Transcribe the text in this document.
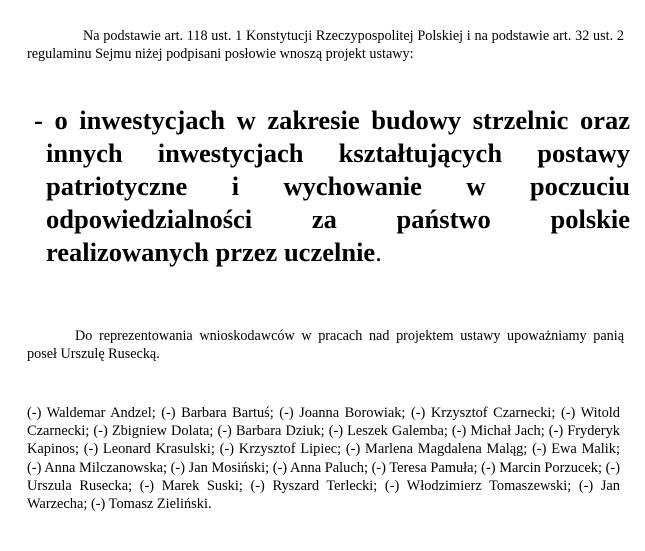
Na podstawie art. 118 ust. 1 Konstytucji Rzeczypospolitej Polskiej i na podstawie art. 32 ust. 2 regulaminu Sejmu niżej podpisani posłowie wnoszą projekt ustawy:

- o inwestycjach w zakresie budowy strzelnic oraz innych inwestycjach kształtujących postawy patriotyczne i wychowanie w poczuciu odpowiedzialności za państwo polskie realizowanych przez uczelnie.

Do reprezentowania wnioskodawców w pracach nad projektem ustawy upoważniamy panią poseł Urszulę Rusecką.

(-) Waldemar Andzel; (-) Barbara Bartuś; (-) Joanna Borowiak; (-) Krzysztof Czarnecki; (-) Witold Czarnecki; (-) Zbigniew Dolata; (-) Barbara Dziuk; (-) Leszek Galemba; (-) Michał Jach; (-) Fryderyk Kapinos; (-) Leonard Krasulski; (-) Krzysztof Lipiec; (-) Marlena Magdalena Maląg; (-) Ewa Malik; (-) Anna Milczanowska; (-) Jan Mosiński; (-) Anna Paluch; (-) Teresa Pamuła; (-) Marcin Porzucek; (-) Urszula Rusecka; (-) Marek Suski; (-) Ryszard Terlecki; (-) Włodzimierz Tomaszewski; (-) Jan Warzecha; (-) Tomasz Zieliński.
